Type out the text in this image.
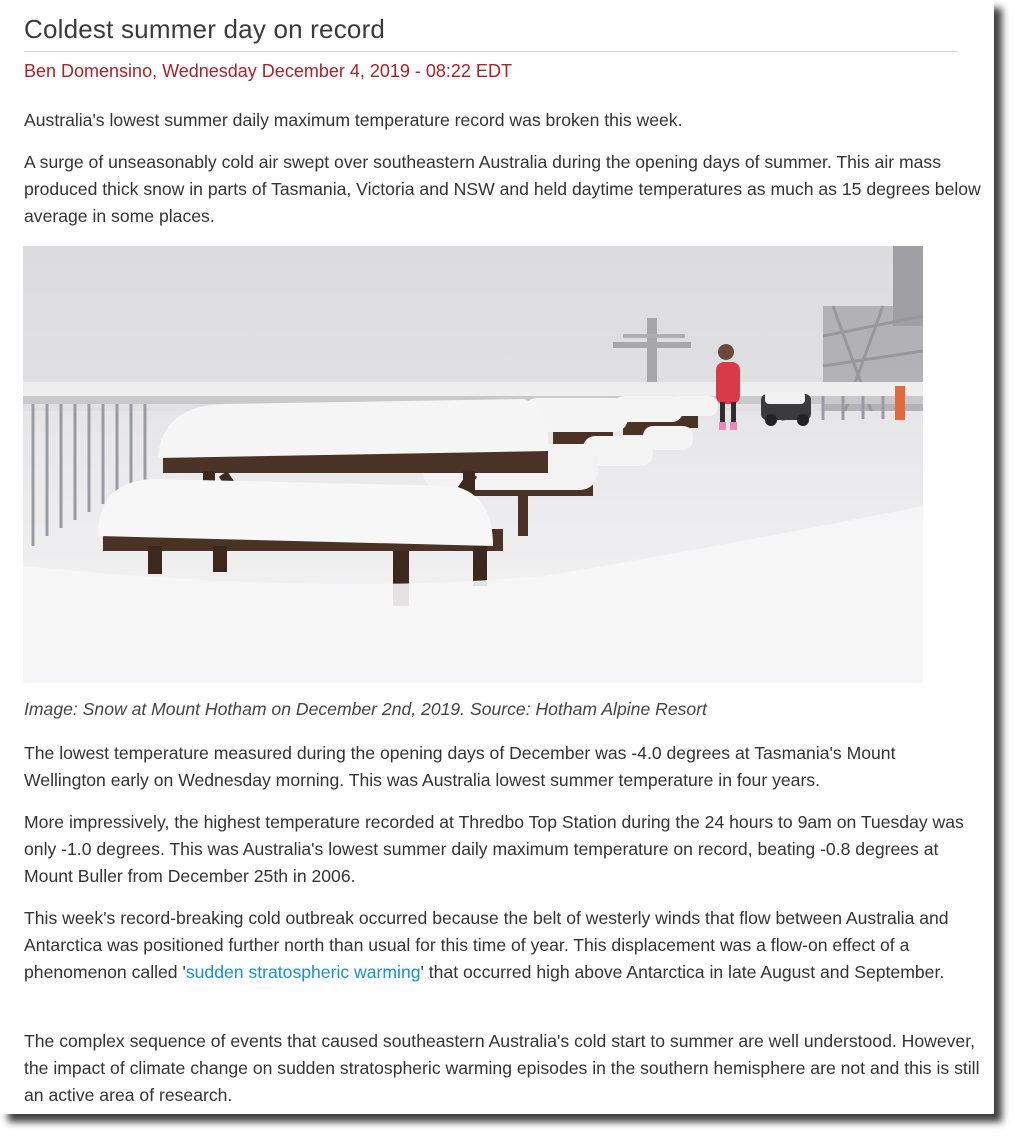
Coldest summer day on record
Ben Domensino, Wednesday December 4, 2019 - 08:22 EDT

Australia's lowest summer daily maximum temperature record was broken this week.

A surge of unseasonably cold air swept over southeastern Australia during the opening days of summer. This air mass produced thick snow in parts of Tasmania, Victoria and NSW and held daytime temperatures as much as 15 degrees below average in some places.

Image: Snow at Mount Hotham on December 2nd, 2019. Source: Hotham Alpine Resort

The lowest temperature measured during the opening days of December was -4.0 degrees at Tasmania's Mount Wellington early on Wednesday morning. This was Australia lowest summer temperature in four years.

More impressively, the highest temperature recorded at Thredbo Top Station during the 24 hours to 9am on Tuesday was only -1.0 degrees. This was Australia's lowest summer daily maximum temperature on record, beating -0.8 degrees at Mount Buller from December 25th in 2006.

This week's record-breaking cold outbreak occurred because the belt of westerly winds that flow between Australia and Antarctica was positioned further north than usual for this time of year. This displacement was a flow-on effect of a phenomenon called 'sudden stratospheric warming' that occurred high above Antarctica in late August and September.

The complex sequence of events that caused southeastern Australia's cold start to summer are well understood. However, the impact of climate change on sudden stratospheric warming episodes in the southern hemisphere are not and this is still an active area of research.
